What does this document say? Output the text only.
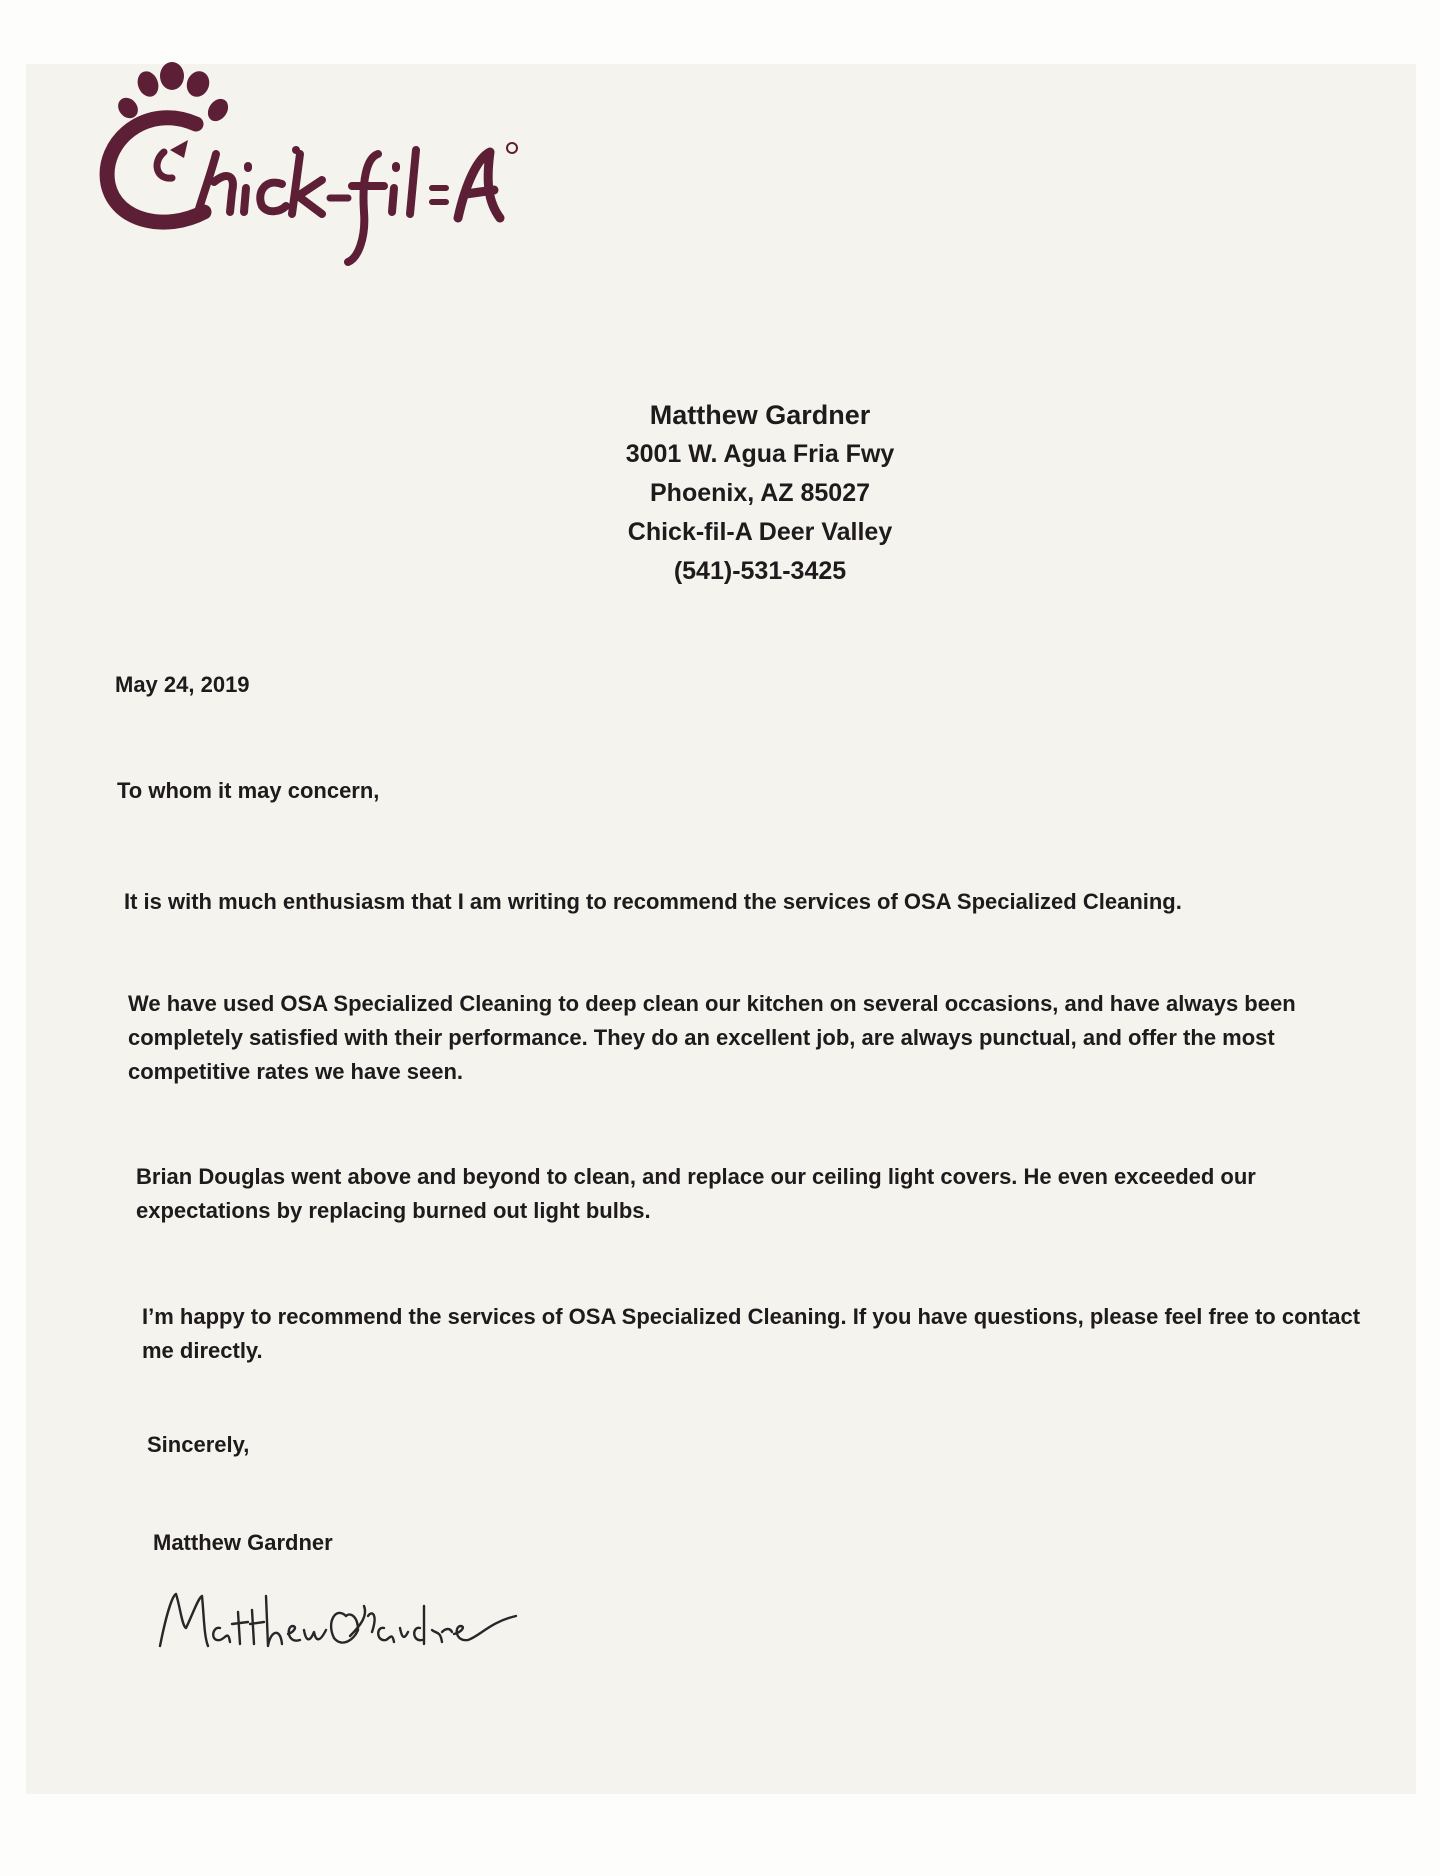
Matthew Gardner
3001 W. Agua Fria Fwy
Phoenix, AZ 85027
Chick-fil-A Deer Valley
(541)-531-3425
May 24, 2019
To whom it may concern,
It is with much enthusiasm that I am writing to recommend the services of OSA Specialized Cleaning.
We have used OSA Specialized Cleaning to deep clean our kitchen on several occasions, and have always been completely satisfied with their performance. They do an excellent job, are always punctual, and offer the most competitive rates we have seen.
Brian Douglas went above and beyond to clean, and replace our ceiling light covers. He even exceeded our expectations by replacing burned out light bulbs.
I’m happy to recommend the services of OSA Specialized Cleaning. If you have questions, please feel free to contact me directly.
Sincerely,
Matthew Gardner
